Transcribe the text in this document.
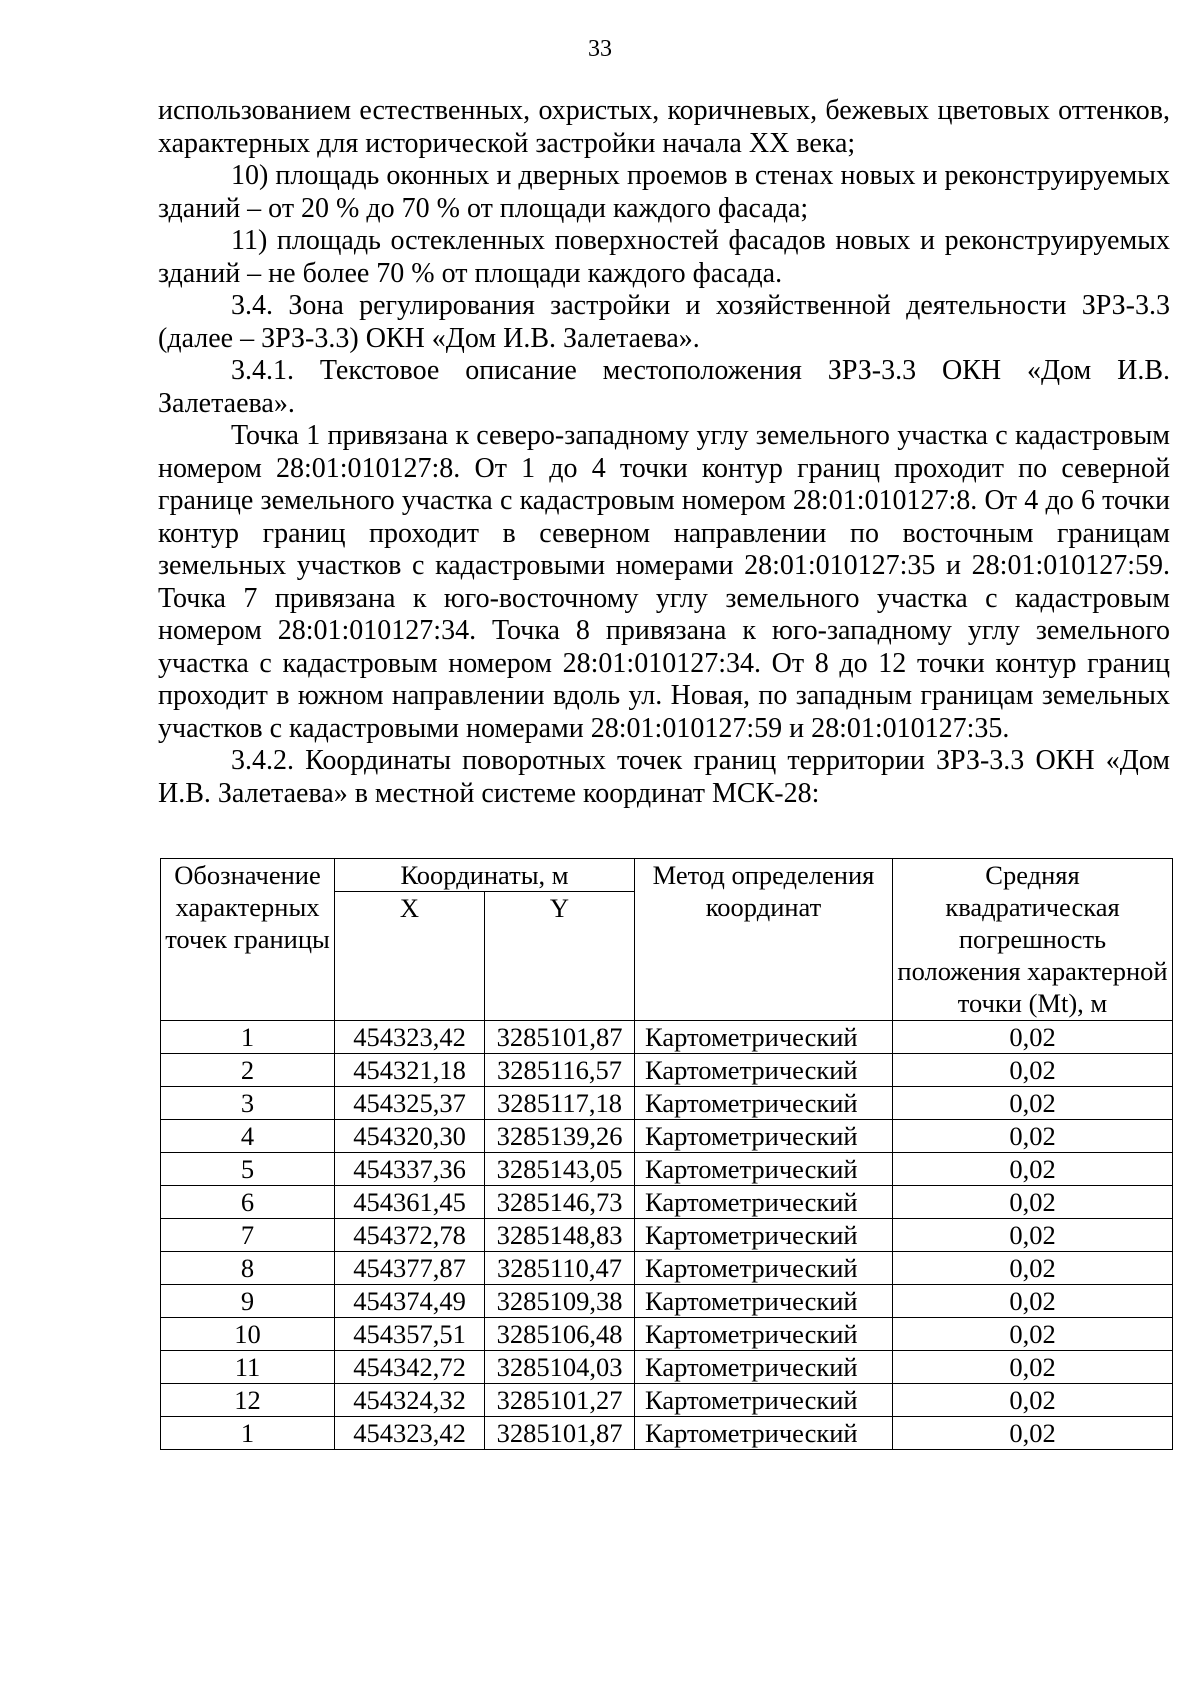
33

использованием естественных, охристых, коричневых, бежевых цветовых оттенков, характерных для исторической застройки начала XX века;

10) площадь оконных и дверных проемов в стенах новых и реконструируемых зданий – от 20 % до 70 % от площади каждого фасада;

11) площадь остекленных поверхностей фасадов новых и реконструируемых зданий – не более 70 % от площади каждого фасада.

3.4. Зона регулирования застройки и хозяйственной деятельности ЗРЗ-3.3 (далее – ЗРЗ-3.3) ОКН «Дом И.В. Залетаева».

3.4.1. Текстовое описание местоположения ЗРЗ-3.3 ОКН «Дом И.В. Залетаева».

Точка 1 привязана к северо-западному углу земельного участка с кадастровым номером 28:01:010127:8. От 1 до 4 точки контур границ проходит по северной границе земельного участка с кадастровым номером 28:01:010127:8. От 4 до 6 точки контур границ проходит в северном направлении по восточным границам земельных участков с кадастровыми номерами 28:01:010127:35 и 28:01:010127:59. Точка 7 привязана к юго-восточному углу земельного участка с кадастровым номером 28:01:010127:34. Точка 8 привязана к юго-западному углу земельного участка с кадастровым номером 28:01:010127:34. От 8 до 12 точки контур границ проходит в южном направлении вдоль ул. Новая, по западным границам земельных участков с кадастровыми номерами 28:01:010127:59 и 28:01:010127:35.

3.4.2. Координаты поворотных точек границ территории ЗРЗ-3.3 ОКН «Дом И.В. Залетаева» в местной системе координат МСК-28:

Обозначение характерных точек границы	Координаты, м		Метод определения координат	Средняя квадратическая погрешность положения характерной точки (Mt), м
	X	Y		
1	454323,42	3285101,87	Картометрический	0,02
2	454321,18	3285116,57	Картометрический	0,02
3	454325,37	3285117,18	Картометрический	0,02
4	454320,30	3285139,26	Картометрический	0,02
5	454337,36	3285143,05	Картометрический	0,02
6	454361,45	3285146,73	Картометрический	0,02
7	454372,78	3285148,83	Картометрический	0,02
8	454377,87	3285110,47	Картометрический	0,02
9	454374,49	3285109,38	Картометрический	0,02
10	454357,51	3285106,48	Картометрический	0,02
11	454342,72	3285104,03	Картометрический	0,02
12	454324,32	3285101,27	Картометрический	0,02
1	454323,42	3285101,87	Картометрический	0,02
